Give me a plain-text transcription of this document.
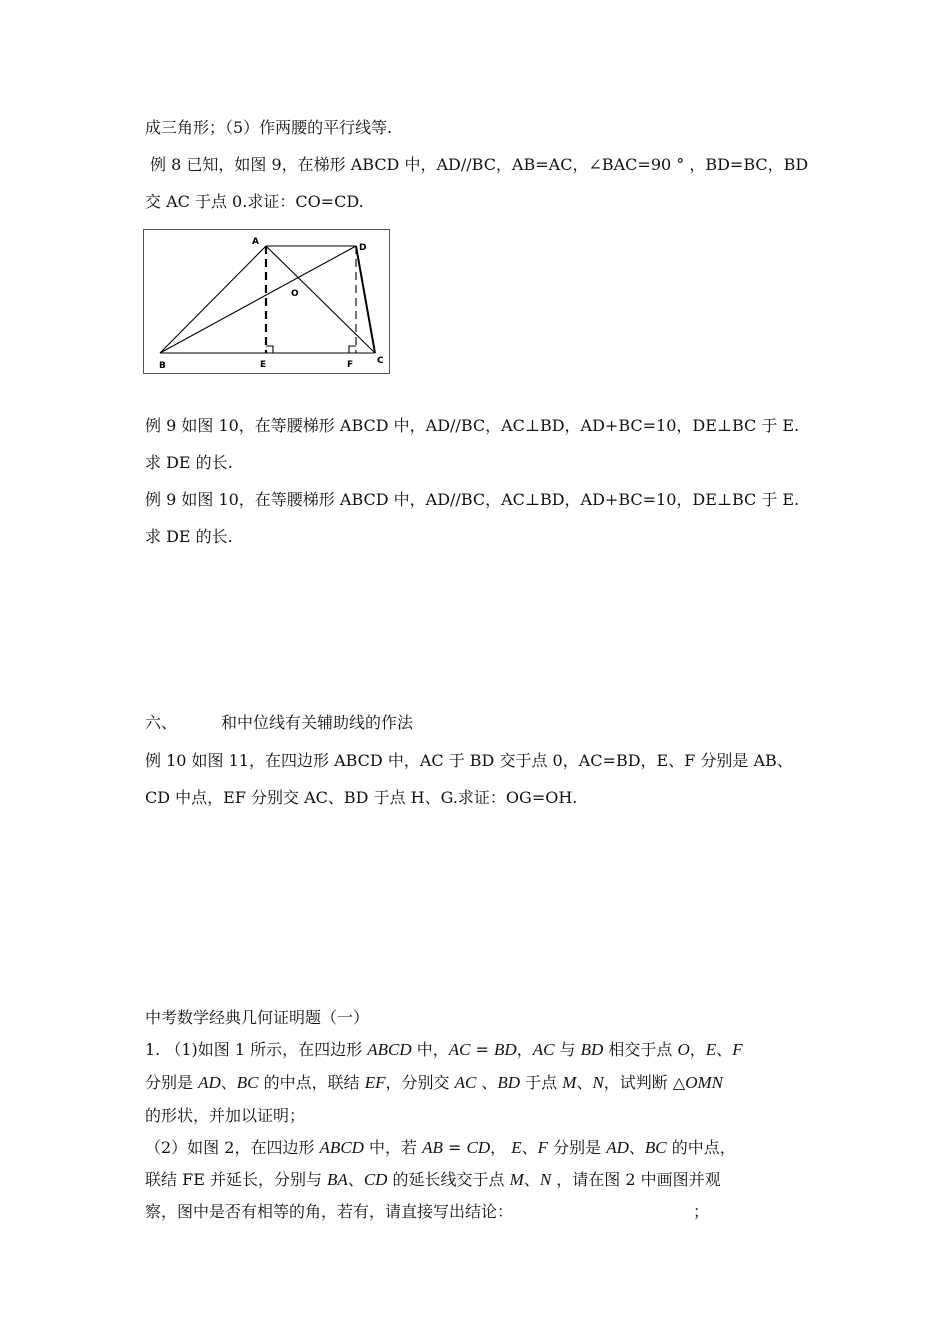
成三角形；（5）作两腰的平行线等.
例 8 已知，如图 9，在梯形 ABCD 中，AD//BC，AB=AC，∠BAC=90 ° ，BD=BC，BD
交 AC 于点 0.求证：CO=CD.
A
D
O
B	E	F	C
例 9 如图 10，在等腰梯形 ABCD 中，AD//BC，AC⊥BD，AD+BC=10，DE⊥BC 于 E.
求 DE 的长.
例 9 如图 10，在等腰梯形 ABCD 中，AD//BC，AC⊥BD，AD+BC=10，DE⊥BC 于 E.
求 DE 的长.
六、	和中位线有关辅助线的作法
例 10 如图 11，在四边形 ABCD 中，AC 于 BD 交于点 0，AC=BD，E、F 分别是 AB、
CD 中点，EF 分别交 AC、BD 于点 H、G.求证：OG=OH.
中考数学经典几何证明题（一）
1. （1)如图 1 所示，在四边形 ABCD 中，AC = BD，AC 与 BD 相交于点 O，E、F
分别是 AD、BC 的中点，联结 EF，分别交 AC 、BD 于点 M、N，试判断 △OMN
的形状，并加以证明；
（2）如图 2，在四边形 ABCD 中，若 AB = CD， E、F 分别是 AD、BC 的中点，
联结 FE 并延长，分别与 BA、CD 的延长线交于点 M、N ，请在图 2 中画图并观
察，图中是否有相等的角，若有，请直接写出结论：	；
